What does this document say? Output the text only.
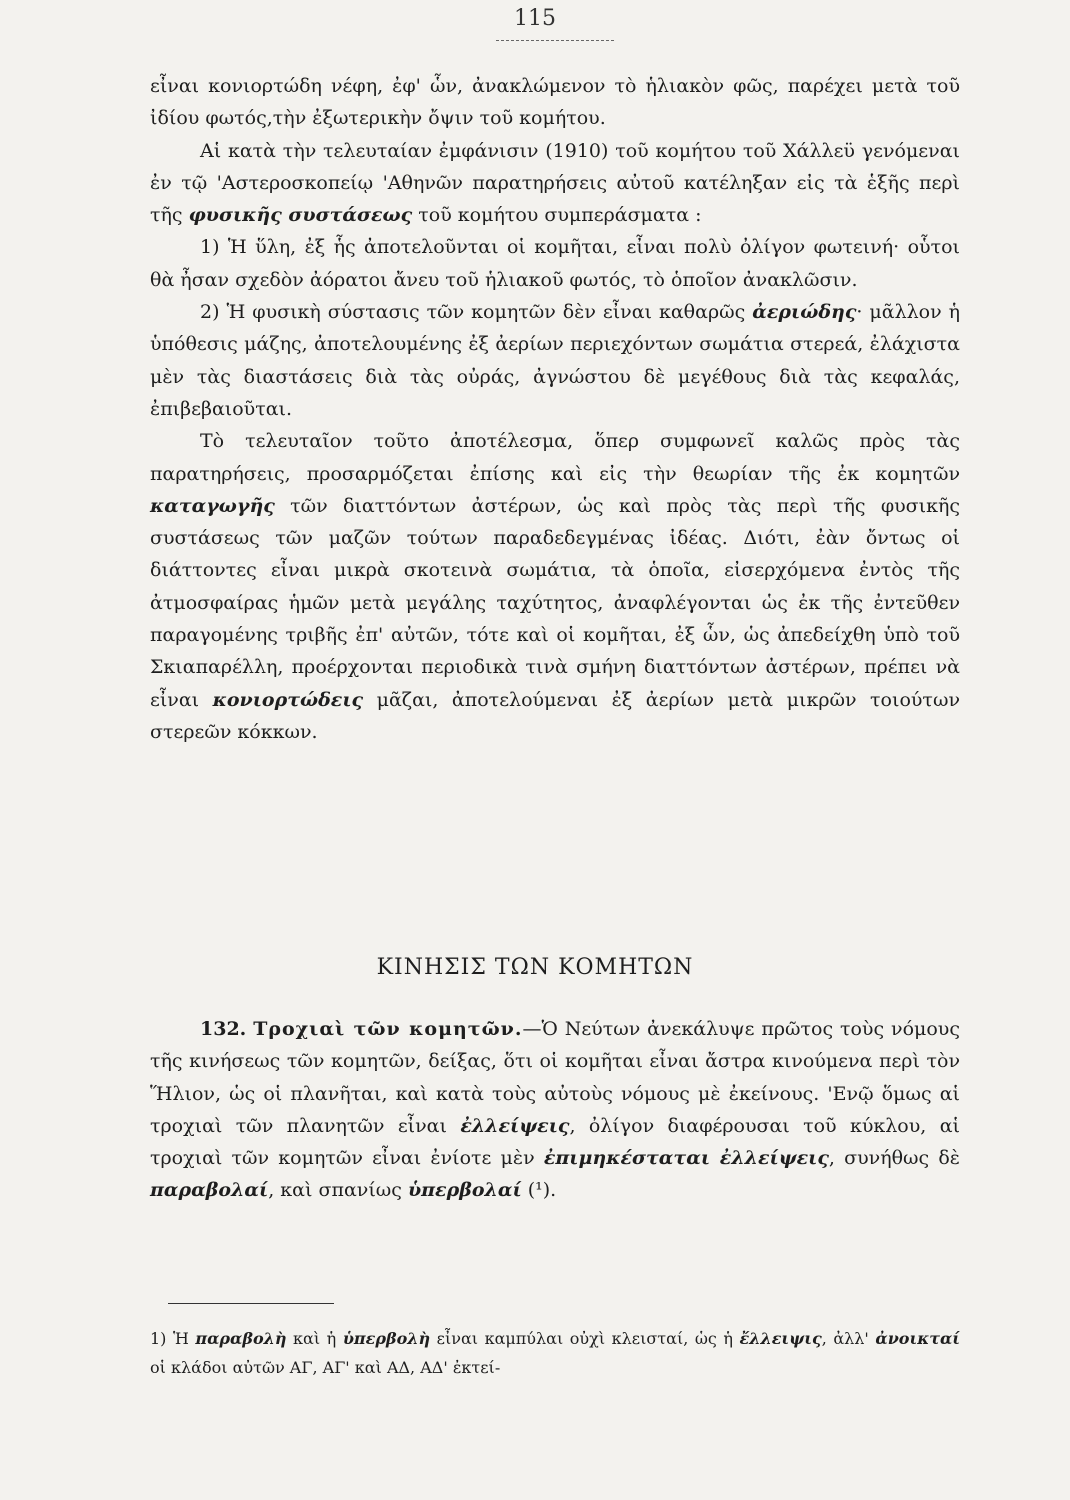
115

εἶναι κονιορτώδη νέφη, ἐφ' ὧν, ἀνακλώμενον τὸ ἡλιακὸν φῶς, παρέχει μετὰ τοῦ ἰδίου φωτός,τὴν ἐξωτερικὴν ὄψιν τοῦ κομήτου.

Αἱ κατὰ τὴν τελευταίαν ἐμφάνισιν (1910) τοῦ κομήτου τοῦ Χάλλεϋ γενόμεναι ἐν τῷ 'Αστεροσκοπείῳ 'Αθηνῶν παρατηρήσεις αὐτοῦ κατέληξαν εἰς τὰ ἑξῆς περὶ τῆς φυσικῆς συστάσεως τοῦ κομήτου συμπεράσματα :

1) Ἡ ὕλη, ἐξ ἧς ἀποτελοῦνται οἱ κομῆται, εἶναι πολὺ ὀλίγον φωτεινή· οὗτοι θὰ ἦσαν σχεδὸν ἀόρατοι ἄνευ τοῦ ἡλιακοῦ φωτός, τὸ ὁποῖον ἀνακλῶσιν.

2) Ἡ φυσικὴ σύστασις τῶν κομητῶν δὲν εἶναι καθαρῶς ἀεριώδης· μᾶλλον ἡ ὑπόθεσις μάζης, ἀποτελουμένης ἐξ ἀερίων περιεχόντων σωμάτια στερεά, ἐλάχιστα μὲν τὰς διαστάσεις διὰ τὰς οὐράς, ἀγνώστου δὲ μεγέθους διὰ τὰς κεφαλάς, ἐπιβεβαιοῦται.

Τὸ τελευταῖον τοῦτο ἀποτέλεσμα, ὅπερ συμφωνεῖ καλῶς πρὸς τὰς παρατηρήσεις, προσαρμόζεται ἐπίσης καὶ εἰς τὴν θεωρίαν τῆς ἐκ κομητῶν καταγωγῆς τῶν διαττόντων ἀστέρων, ὡς καὶ πρὸς τὰς περὶ τῆς φυσικῆς συστάσεως τῶν μαζῶν τούτων παραδεδεγμένας ἰδέας. Διότι, ἐὰν ὄντως οἱ διάττοντες εἶναι μικρὰ σκοτεινὰ σωμάτια, τὰ ὁποῖα, εἰσερχόμενα ἐντὸς τῆς ἀτμοσφαίρας ἡμῶν μετὰ μεγάλης ταχύτητος, ἀναφλέγονται ὡς ἐκ τῆς ἐντεῦθεν παραγομένης τριβῆς ἐπ' αὐτῶν, τότε καὶ οἱ κομῆται, ἐξ ὧν, ὡς ἀπεδείχθη ὑπὸ τοῦ Σκιαπαρέλλη, προέρχονται περιοδικὰ τινὰ σμήνη διαττόντων ἀστέρων, πρέπει νὰ εἶναι κονιορτώδεις μᾶζαι, ἀποτελούμεναι ἐξ ἀερίων μετὰ μικρῶν τοιούτων στερεῶν κόκκων.

ΚΙΝΗΣΙΣ ΤΩΝ ΚΟΜΗΤΩΝ

132. Τροχιαὶ τῶν κομητῶν.—Ὁ Νεύτων ἀνεκάλυψε πρῶτος τοὺς νόμους τῆς κινήσεως τῶν κομητῶν, δείξας, ὅτι οἱ κομῆται εἶναι ἄστρα κινούμενα περὶ τὸν Ἥλιον, ὡς οἱ πλανῆται, καὶ κατὰ τοὺς αὐτοὺς νόμους μὲ ἐκείνους. 'Ενῷ ὅμως αἱ τροχιαὶ τῶν πλανητῶν εἶναι ἐλλείψεις, ὀλίγον διαφέρουσαι τοῦ κύκλου, αἱ τροχιαὶ τῶν κομητῶν εἶναι ἐνίοτε μὲν ἐπιμηκέσταται ἐλλείψεις, συνήθως δὲ παραβολαί, καὶ σπανίως ὑπερβολαί (¹).

1) Ἡ παραβολὴ καὶ ἡ ὑπερβολὴ εἶναι καμπύλαι οὐχὶ κλεισταί, ὡς ἡ ἔλλειψις, ἀλλ' ἀνοικταί οἱ κλάδοι αὐτῶν ΑΓ, ΑΓ' καὶ ΑΔ, ΑΔ' ἐκτεί-
